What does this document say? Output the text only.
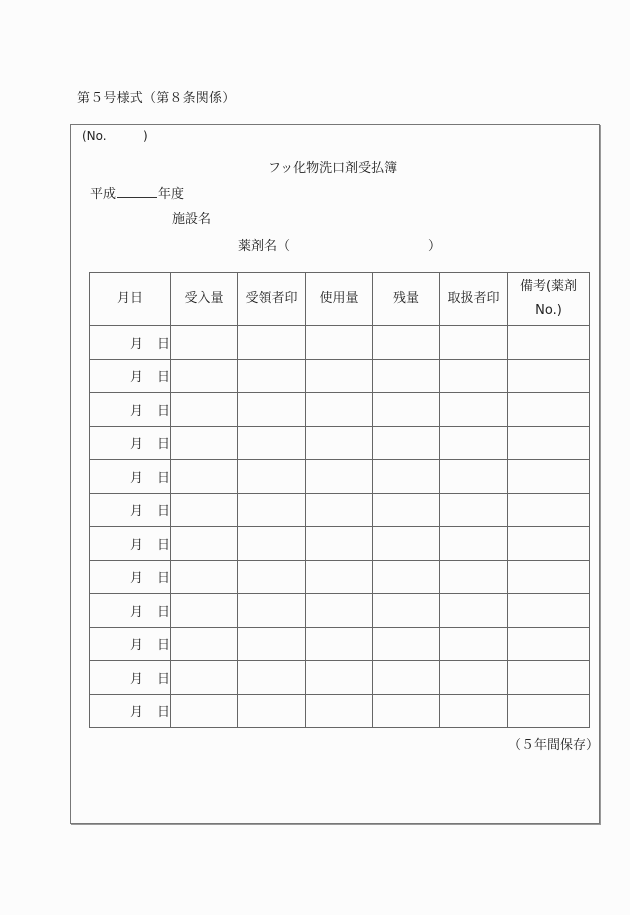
第５号様式（第８条関係）
(No.	)
フッ化物洗口剤受払簿
平成	年度
施設名
薬剤名（	）
月日	受入量	受領者印	使用量	残量	取扱者印	備考(薬剤No.)
月 日						
月 日						
月 日						
月 日						
月 日						
月 日						
月 日						
月 日						
月 日						
月 日						
月 日						
月 日						
（５年間保存）
